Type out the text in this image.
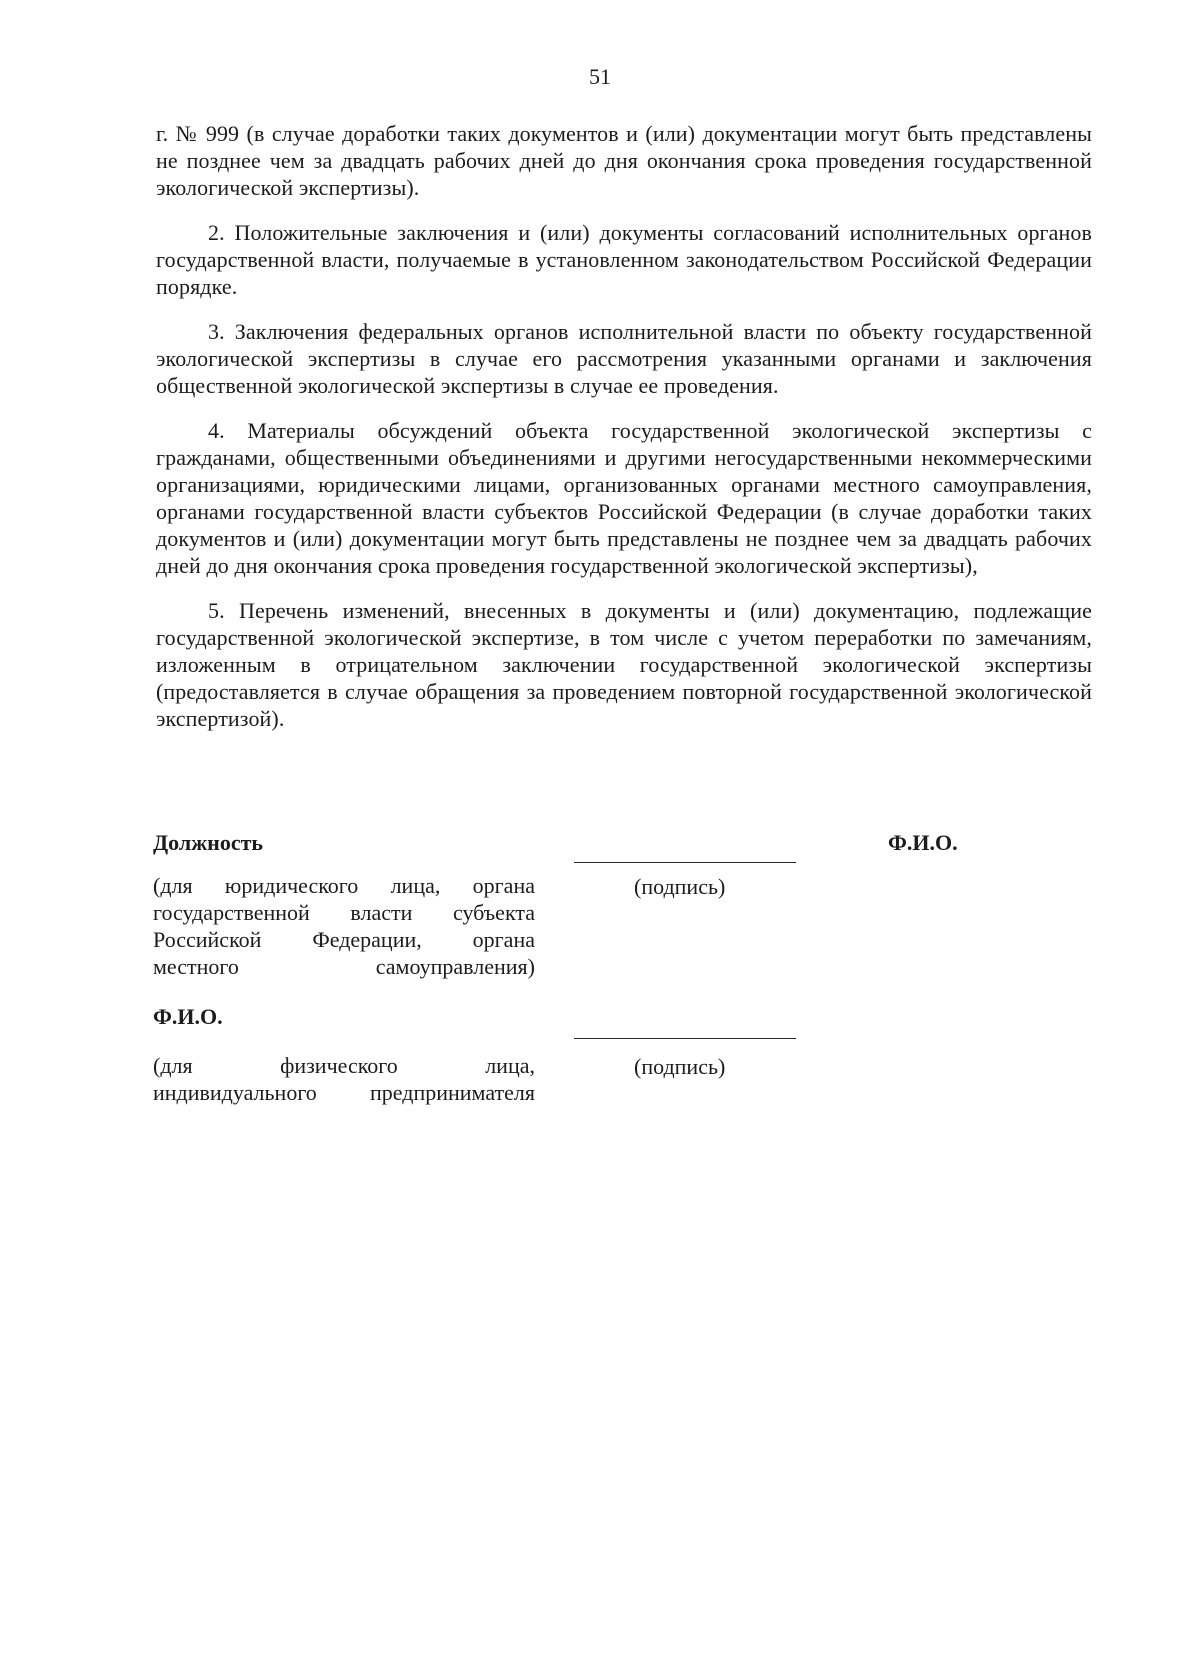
51

г. № 999 (в случае доработки таких документов и (или) документации могут быть представлены не позднее чем за двадцать рабочих дней до дня окончания срока проведения государственной экологической экспертизы).

2. Положительные заключения и (или) документы согласований исполнительных органов государственной власти, получаемые в установленном законодательством Российской Федерации порядке.

3. Заключения федеральных органов исполнительной власти по объекту государственной экологической экспертизы в случае его рассмотрения указанными органами и заключения общественной экологической экспертизы в случае ее проведения.

4. Материалы обсуждений объекта государственной экологической экспертизы с гражданами, общественными объединениями и другими негосударственными некоммерческими организациями, юридическими лицами, организованных органами местного самоуправления, органами государственной власти субъектов Российской Федерации (в случае доработки таких документов и (или) документации могут быть представлены не позднее чем за двадцать рабочих дней до дня окончания срока проведения государственной экологической экспертизы),

5. Перечень изменений, внесенных в документы и (или) документацию, подлежащие государственной экологической экспертизе, в том числе с учетом переработки по замечаниям, изложенным в отрицательном заключении государственной экологической экспертизы (предоставляется в случае обращения за проведением повторной государственной экологической экспертизой).

Должность	Ф.И.О.
(для юридического лица, органа государственной власти субъекта Российской Федерации, органа местного самоуправления)
(подпись)
Ф.И.О.
(для физического лица, индивидуального предпринимателя
(подпись)
